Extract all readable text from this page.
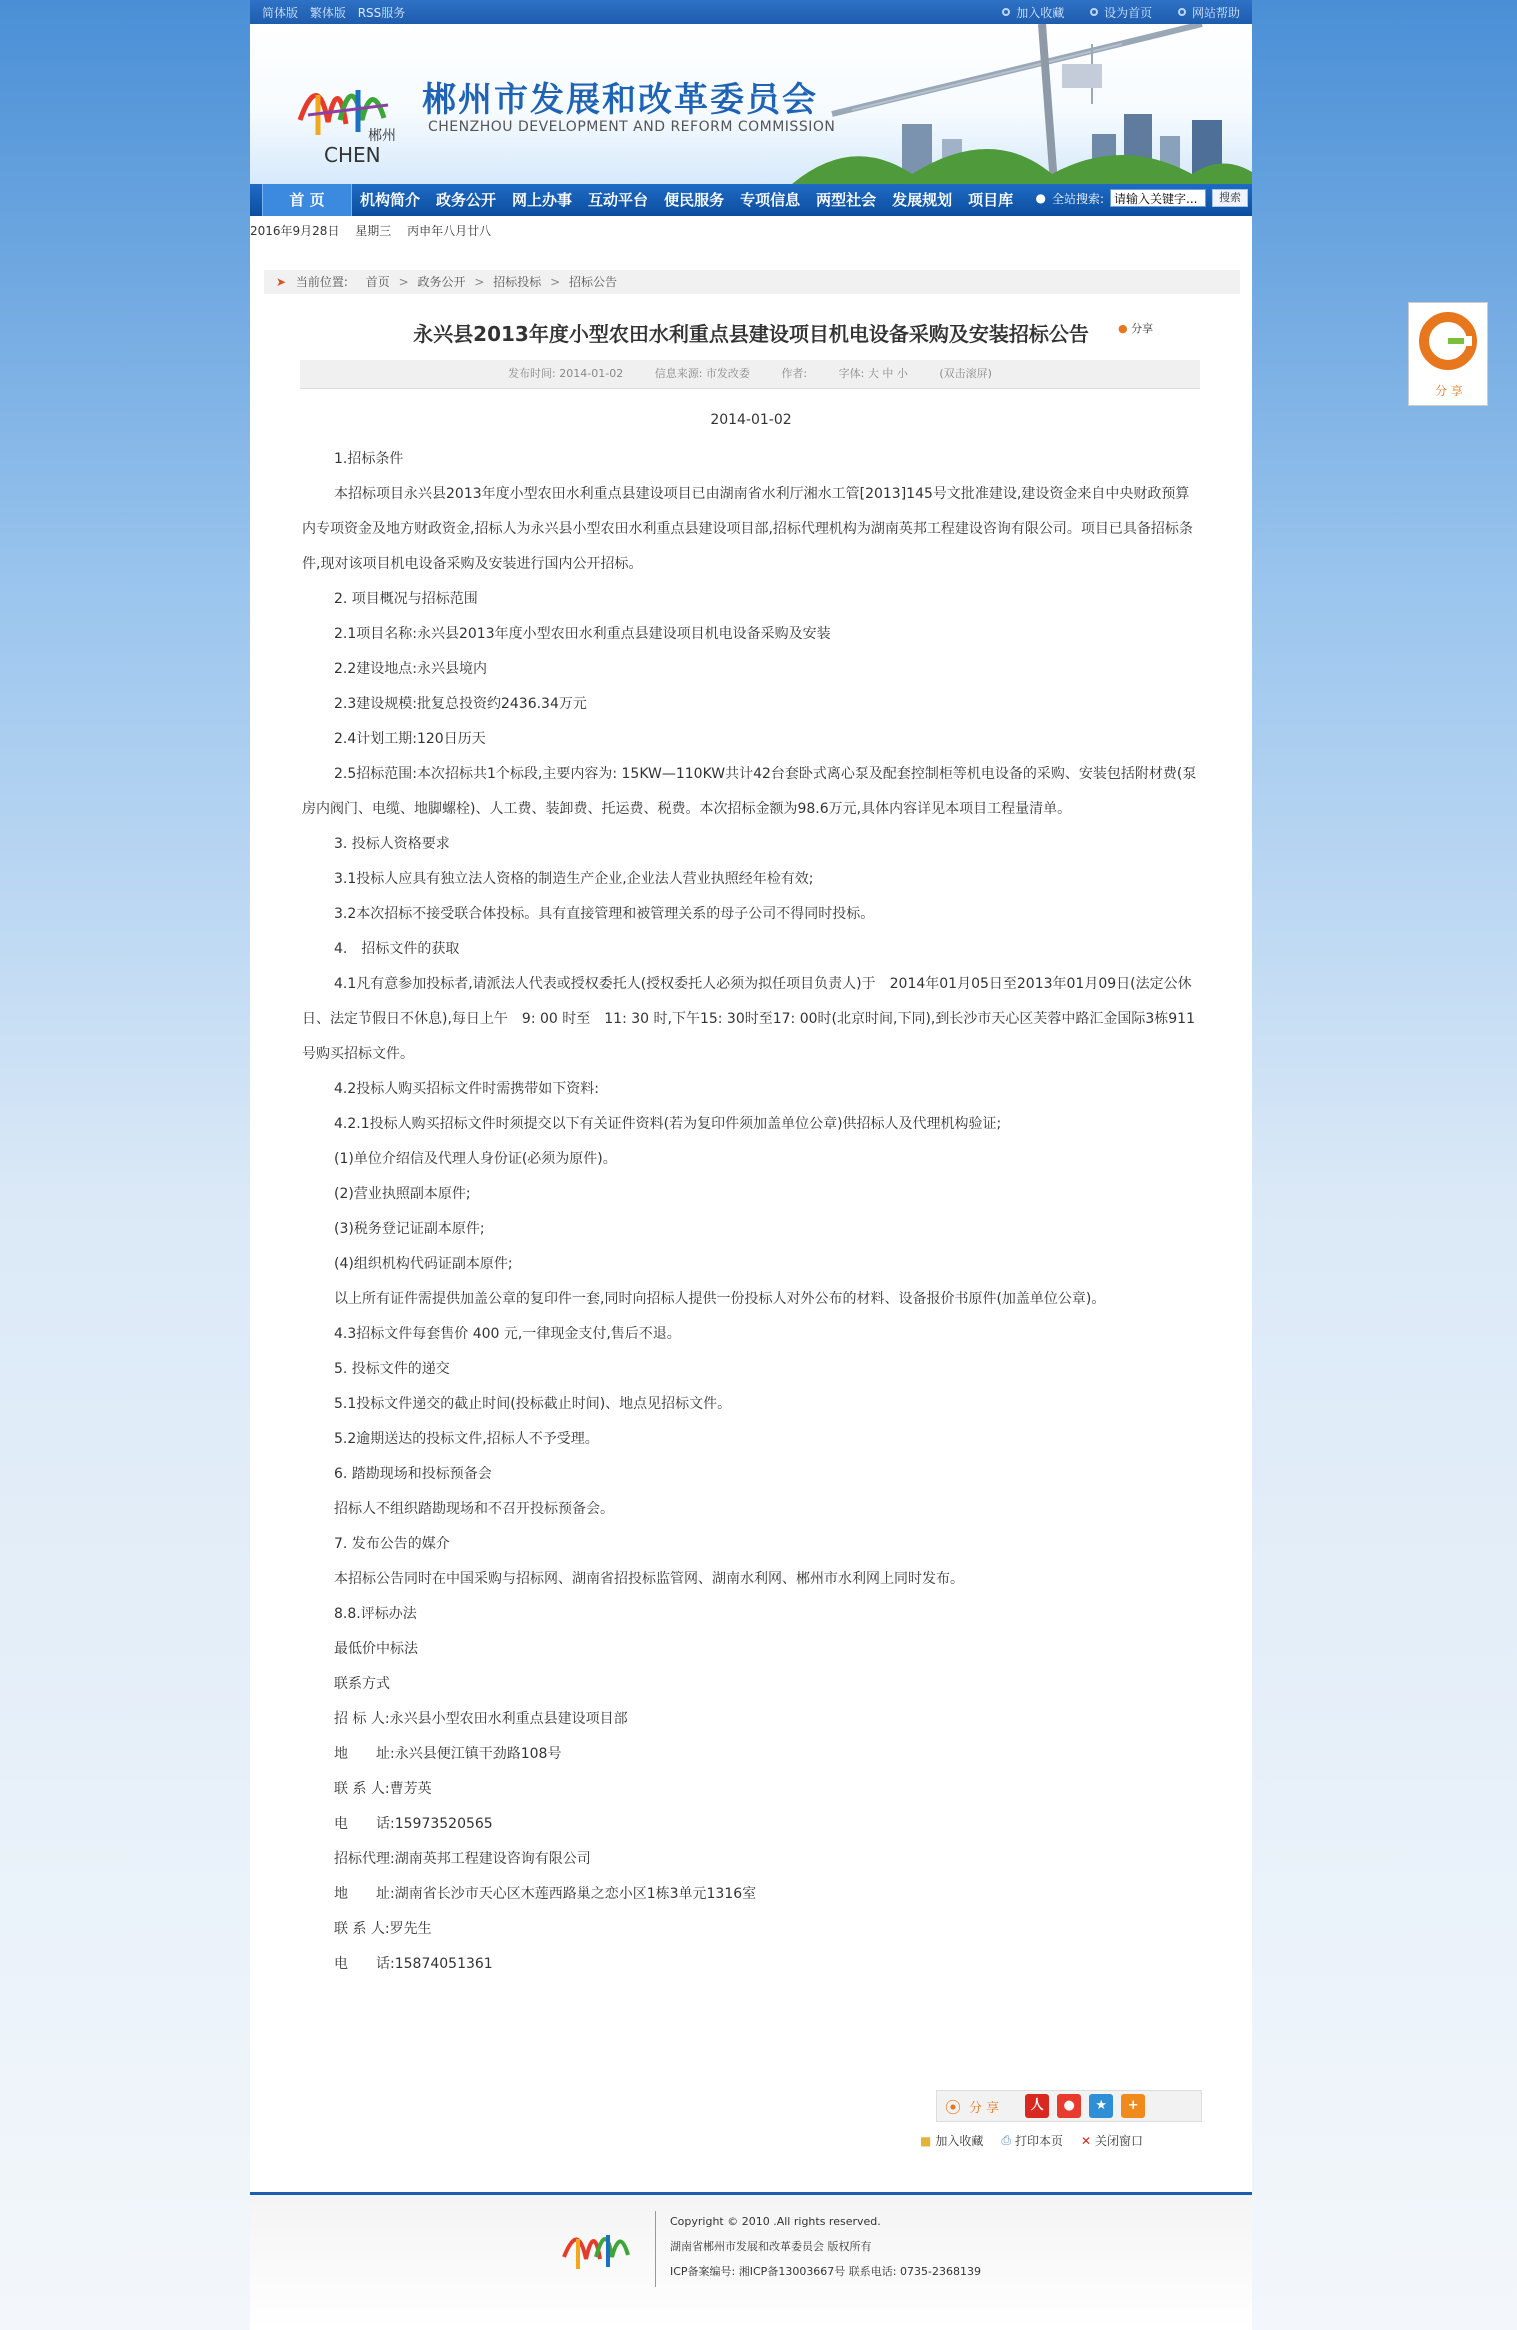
简体版 繁体版 RSS服务	加入收藏
	设为首页
	网站帮助
郴州
CHEN
郴州市发展和改革委员会
CHENZHOU DEVELOPMENT AND REFORM COMMISSION
首 页	机构简介	政务公开	网上办事	互动平台	便民服务	专项信息	两型社会	发展规划	项目库	● 全站搜索:
请输入关键字...	搜索
2016年9月28日 星期三 丙申年八月廿八
➤ 当前位置: 首页 > 政务公开 > 招标投标 > 招标公告
永兴县2013年度小型农田水利重点县建设项目机电设备采购及安装招标公告	● 分享
发布时间: 2014-01-02	信息来源: 市发改委	作者:	字体: 大 中 小	(双击滚屏)
2014-01-02

1.招标条件

本招标项目永兴县2013年度小型农田水利重点县建设项目已由湖南省水利厅湘水工管[2013]145号文批准建设,建设资金来自中央财政预算内专项资金及地方财政资金,招标人为永兴县小型农田水利重点县建设项目部,招标代理机构为湖南英邦工程建设咨询有限公司。项目已具备招标条件,现对该项目机电设备采购及安装进行国内公开招标。

2. 项目概况与招标范围

2.1项目名称:永兴县2013年度小型农田水利重点县建设项目机电设备采购及安装

2.2建设地点:永兴县境内

2.3建设规模:批复总投资约2436.34万元

2.4计划工期:120日历天

2.5招标范围:本次招标共1个标段,主要内容为: 15KW—110KW共计42台套卧式离心泵及配套控制柜等机电设备的采购、安装包括附材费(泵房内阀门、电缆、地脚螺栓)、人工费、装卸费、托运费、税费。本次招标金额为98.6万元,具体内容详见本项目工程量清单。

3. 投标人资格要求

3.1投标人应具有独立法人资格的制造生产企业,企业法人营业执照经年检有效;

3.2本次招标不接受联合体投标。具有直接管理和被管理关系的母子公司不得同时投标。

4.　招标文件的获取

4.1凡有意参加投标者,请派法人代表或授权委托人(授权委托人必须为拟任项目负责人)于　2014年01月05日至2013年01月09日(法定公休日、法定节假日不休息),每日上午　9: 00 时至　11: 30 时,下午15: 30时至17: 00时(北京时间,下同),到长沙市天心区芙蓉中路汇金国际3栋911号购买招标文件。

4.2投标人购买招标文件时需携带如下资料:

4.2.1投标人购买招标文件时须提交以下有关证件资料(若为复印件须加盖单位公章)供招标人及代理机构验证;

(1)单位介绍信及代理人身份证(必须为原件)。

(2)营业执照副本原件;

(3)税务登记证副本原件;

(4)组织机构代码证副本原件;

以上所有证件需提供加盖公章的复印件一套,同时向招标人提供一份投标人对外公布的材料、设备报价书原件(加盖单位公章)。

4.3招标文件每套售价 400 元,一律现金支付,售后不退。

5. 投标文件的递交

5.1投标文件递交的截止时间(投标截止时间)、地点见招标文件。

5.2逾期送达的投标文件,招标人不予受理。

6. 踏勘现场和投标预备会

招标人不组织踏勘现场和不召开投标预备会。

7. 发布公告的媒介

本招标公告同时在中国采购与招标网、湖南省招投标监管网、湖南水利网、郴州市水利网上同时发布。

8.8.评标办法

最低价中标法

联系方式

招 标 人:永兴县小型农田水利重点县建设项目部

地　　址:永兴县便江镇干劲路108号

联 系 人:曹芳英

电　　话:15973520565

招标代理:湖南英邦工程建设咨询有限公司

地　　址:湖南省长沙市天心区木莲西路巢之恋小区1栋3单元1316室

联 系 人:罗先生

电　　话:15874051361

⦿ 分 享	人	●	★	+
■ 加入收藏 ⎙ 打印本页 ✕ 关闭窗口
Copyright © 2010 .All rights reserved.
湖南省郴州市发展和改革委员会 版权所有
ICP备案编号: 湘ICP备13003667号 联系电话: 0735-2368139
分 享
